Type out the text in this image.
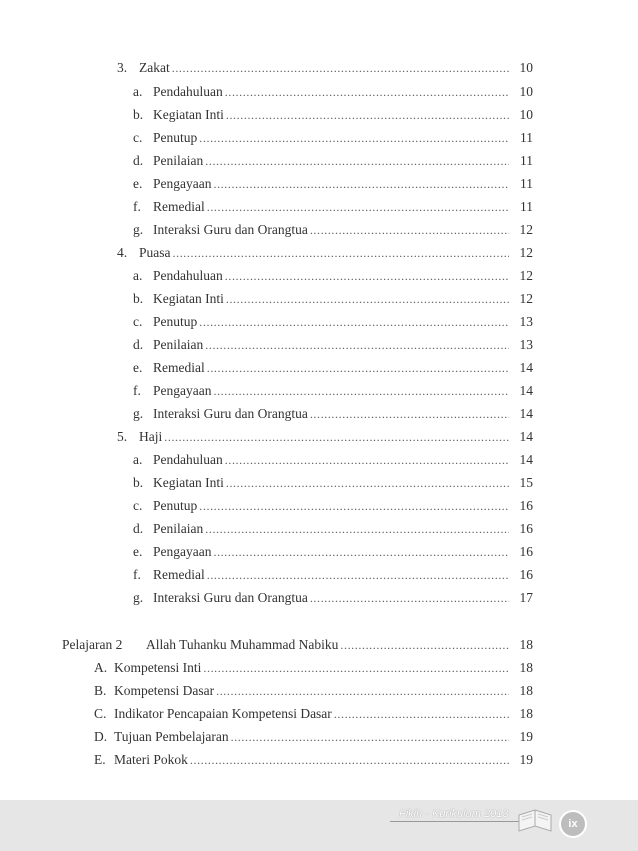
3. Zakat .....	10
a. Pendahuluan .....	10
b. Kegiatan Inti .....	10
c. Penutup .....	11
d. Penilaian .....	11
e. Pengayaan .....	11
f. Remedial .....	11
g. Interaksi Guru dan Orangtua .....	12
4. Puasa .....	12
a. Pendahuluan .....	12
b. Kegiatan Inti .....	12
c. Penutup .....	13
d. Penilaian .....	13
e. Remedial .....	14
f. Pengayaan .....	14
g. Interaksi Guru dan Orangtua .....	14
5. Haji .....	14
a. Pendahuluan .....	14
b. Kegiatan Inti .....	15
c. Penutup .....	16
d. Penilaian .....	16
e. Pengayaan .....	16
f. Remedial .....	16
g. Interaksi Guru dan Orangtua .....	17
Pelajaran 2	Allah Tuhanku Muhammad Nabiku .....	18
A. Kompetensi Inti .....	18
B. Kompetensi Dasar .....	18
C. Indikator Pencapaian Kompetensi Dasar .....	18
D. Tujuan Pembelajaran .....	19
E. Materi Pokok .....	19
Fikih - Kurikulum 2013
ix
